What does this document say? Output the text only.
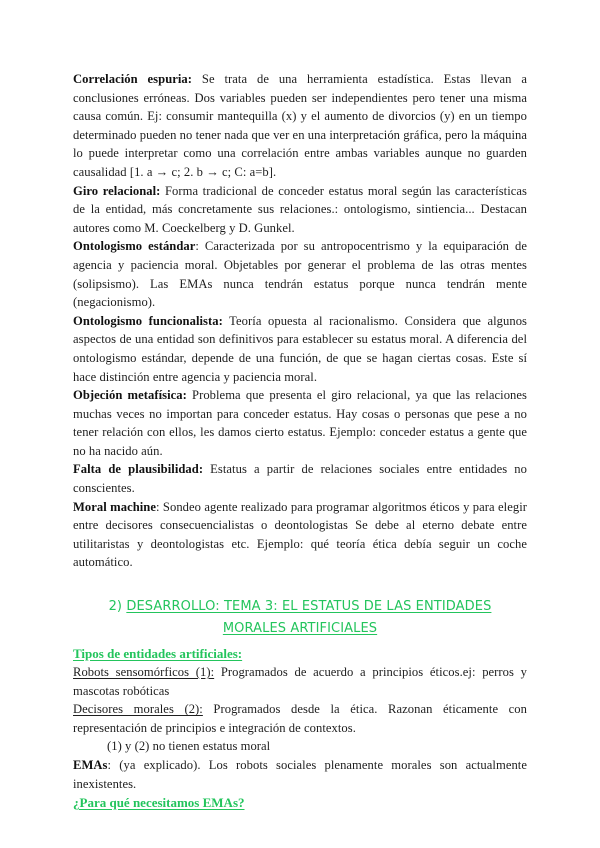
Correlación espuria: Se trata de una herramienta estadística. Estas llevan a conclusiones erróneas. Dos variables pueden ser independientes pero tener una misma causa común. Ej: consumir mantequilla (x) y el aumento de divorcios (y) en un tiempo determinado pueden no tener nada que ver en una interpretación gráfica, pero la máquina lo puede interpretar como una correlación entre ambas variables aunque no guarden causalidad [1. a → c; 2. b → c; C: a=b].

Giro relacional: Forma tradicional de conceder estatus moral según las características de la entidad, más concretamente sus relaciones.: ontologismo, sintiencia... Destacan autores como M. Coeckelberg y D. Gunkel.

Ontologismo estándar: Caracterizada por su antropocentrismo y la equiparación de agencia y paciencia moral. Objetables por generar el problema de las otras mentes (solipsismo). Las EMAs nunca tendrán estatus porque nunca tendrán mente (negacionismo).

Ontologismo funcionalista: Teoría opuesta al racionalismo. Considera que algunos aspectos de una entidad son definitivos para establecer su estatus moral. A diferencia del ontologismo estándar, depende de una función, de que se hagan ciertas cosas. Este sí hace distinción entre agencia y paciencia moral.

Objeción metafísica: Problema que presenta el giro relacional, ya que las relaciones muchas veces no importan para conceder estatus. Hay cosas o personas que pese a no tener relación con ellos, les damos cierto estatus. Ejemplo: conceder estatus a gente que no ha nacido aún.

Falta de plausibilidad: Estatus a partir de relaciones sociales entre entidades no conscientes.

Moral machine: Sondeo agente realizado para programar algoritmos éticos y para elegir entre decisores consecuencialistas o deontologistas Se debe al eterno debate entre utilitaristas y deontologistas etc. Ejemplo: qué teoría ética debía seguir un coche automático.

2) DESARROLLO: TEMA 3: EL ESTATUS DE LAS ENTIDADES
MORALES ARTIFICIALES

Tipos de entidades artificiales:

Robots sensomórficos (1): Programados de acuerdo a principios éticos.ej: perros y mascotas robóticas

Decisores morales (2): Programados desde la ética. Razonan éticamente con representación de principios e integración de contextos.

(1) y (2) no tienen estatus moral

EMAs: (ya explicado). Los robots sociales plenamente morales son actualmente inexistentes.

¿Para qué necesitamos EMAs?
